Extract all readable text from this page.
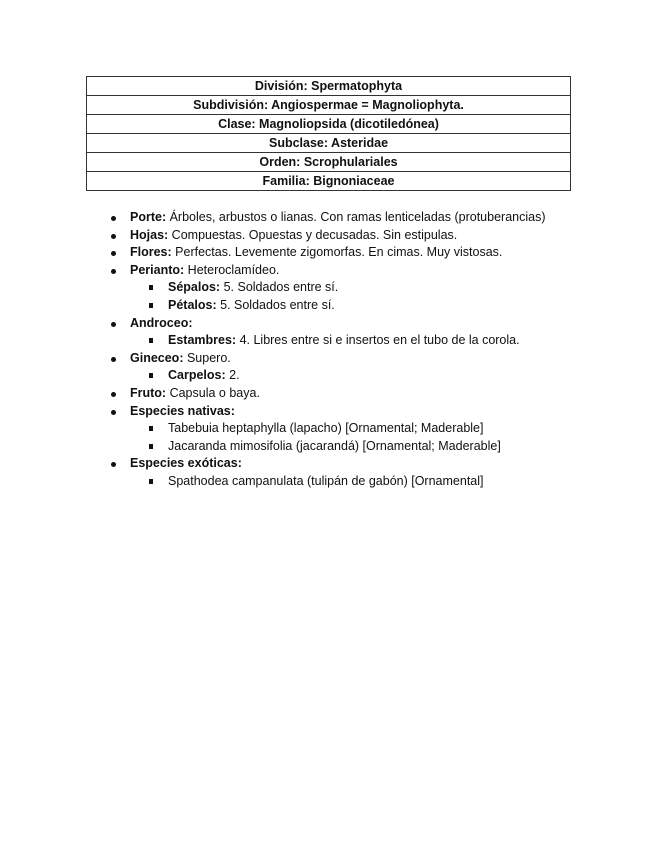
División: Spermatophyta
Subdivisión: Angiospermae = Magnoliophyta.
Clase: Magnoliopsida (dicotiledónea)
Subclase: Asteridae
Orden: Scrophulariales
Familia: Bignoniaceae
Porte: Árboles, arbustos o lianas. Con ramas lenticeladas (protuberancias)
Hojas: Compuestas. Opuestas y decusadas. Sin estipulas.
Flores: Perfectas. Levemente zigomorfas. En cimas. Muy vistosas.
Perianto: Heteroclamídeo.
Sépalos: 5. Soldados entre sí.
Pétalos: 5. Soldados entre sí.
Androceo:
Estambres: 4. Libres entre si e insertos en el tubo de la corola.
Gineceo: Supero.
Carpelos: 2.
Fruto: Capsula o baya.
Especies nativas:
Tabebuia heptaphylla (lapacho) [Ornamental; Maderable]
Jacaranda mimosifolia (jacarandá) [Ornamental; Maderable]
Especies exóticas:
Spathodea campanulata (tulipán de gabón) [Ornamental]
